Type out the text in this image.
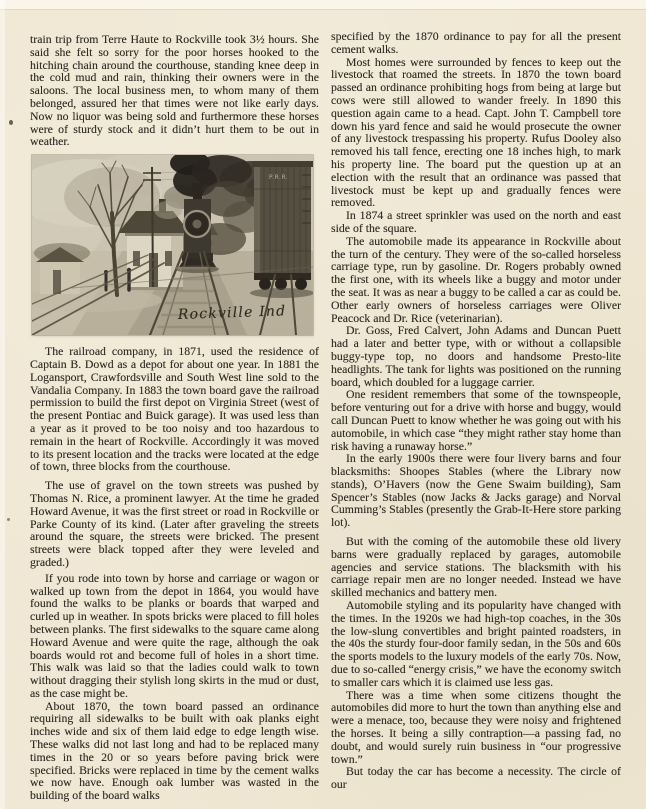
train trip from Terre Haute to Rockville took 3½ hours. She said she felt so sorry for the poor horses hooked to the hitching chain around the courthouse, standing knee deep in the cold mud and rain, thinking their owners were in the saloons. The local business men, to whom many of them belonged, assured her that times were not like early days. Now no liquor was being sold and furthermore these horses were of sturdy stock and it didn’t hurt them to be out in weather.

P.R.R.
Rockville Ind

The railroad company, in 1871, used the residence of Captain B. Dowd as a depot for about one year. In 1881 the Logansport, Crawfordsville and South West line sold to the Vandalia Company. In 1883 the town board gave the railroad permission to build the first depot on Virginia Street (west of the present Pontiac and Buick garage). It was used less than a year as it proved to be too noisy and too hazardous to remain in the heart of Rockville. Accordingly it was moved to its present location and the tracks were located at the edge of town, three blocks from the courthouse.

The use of gravel on the town streets was pushed by Thomas N. Rice, a prominent lawyer. At the time he graded Howard Avenue, it was the first street or road in Rockville or Parke County of its kind. (Later after graveling the streets around the square, the streets were bricked. The present streets were black topped after they were leveled and graded.)

If you rode into town by horse and carriage or wagon or walked up town from the depot in 1864, you would have found the walks to be planks or boards that warped and curled up in weather. In spots bricks were placed to fill holes between planks. The first sidewalks to the square came along Howard Avenue and were quite the rage, although the oak boards would rot and become full of holes in a short time. This walk was laid so that the ladies could walk to town without dragging their stylish long skirts in the mud or dust, as the case might be.

About 1870, the town board passed an ordinance requiring all sidewalks to be built with oak planks eight inches wide and six of them laid edge to edge length wise. These walks did not last long and had to be replaced many times in the 20 or so years before paving brick were specified. Bricks were replaced in time by the cement walks we now have. Enough oak lumber was wasted in the building of the board walks

specified by the 1870 ordinance to pay for all the present cement walks.

Most homes were surrounded by fences to keep out the livestock that roamed the streets. In 1870 the town board passed an ordinance prohibiting hogs from being at large but cows were still allowed to wander freely. In 1890 this question again came to a head. Capt. John T. Campbell tore down his yard fence and said he would prosecute the owner of any livestock trespassing his property. Rufus Dooley also removed his tall fence, erecting one 18 inches high, to mark his property line. The board put the question up at an election with the result that an ordinance was passed that livestock must be kept up and gradually fences were removed.

In 1874 a street sprinkler was used on the north and east side of the square.

The automobile made its appearance in Rockville about the turn of the century. They were of the so-called horseless carriage type, run by gasoline. Dr. Rogers probably owned the first one, with its wheels like a buggy and motor under the seat. It was as near a buggy to be called a car as could be. Other early owners of horseless carriages were Oliver Peacock and Dr. Rice (veterinarian).

Dr. Goss, Fred Calvert, John Adams and Duncan Puett had a later and better type, with or without a collapsible buggy-type top, no doors and handsome Presto-lite headlights. The tank for lights was positioned on the running board, which doubled for a luggage carrier.

One resident remembers that some of the townspeople, before venturing out for a drive with horse and buggy, would call Duncan Puett to know whether he was going out with his automobile, in which case “they might rather stay home than risk having a runaway horse.”

In the early 1900s there were four livery barns and four blacksmiths: Shoopes Stables (where the Library now stands), O’Havers (now the Gene Swaim building), Sam Spencer’s Stables (now Jacks & Jacks garage) and Norval Cumming’s Stables (presently the Grab-It-Here store parking lot).

But with the coming of the automobile these old livery barns were gradually replaced by garages, automobile agencies and service stations. The blacksmith with his carriage repair men are no longer needed. Instead we have skilled mechanics and battery men.

Automobile styling and its popularity have changed with the times. In the 1920s we had high-top coaches, in the 30s the low-slung convertibles and bright painted roadsters, in the 40s the sturdy four-door family sedan, in the 50s and 60s the sports models to the luxury models of the early 70s. Now, due to so-called “energy crisis,” we have the economy switch to smaller cars which it is claimed use less gas.

There was a time when some citizens thought the automobiles did more to hurt the town than anything else and were a menace, too, because they were noisy and frightened the horses. It being a silly contraption—a passing fad, no doubt, and would surely ruin business in “our progressive town.”

But today the car has become a necessity. The circle of our
